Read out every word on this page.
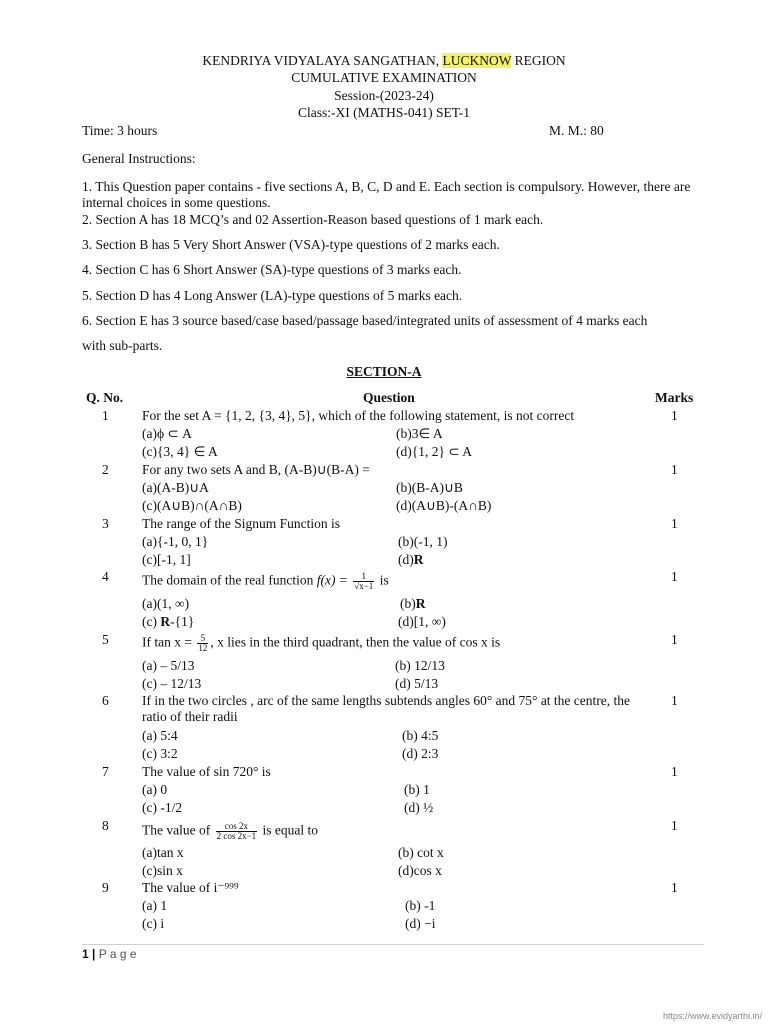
KENDRIYA VIDYALAYA SANGATHAN, LUCKNOW REGION
CUMULATIVE EXAMINATION
Session-(2023-24)
Class:-XI (MATHS-041) SET-1
Time: 3 hours	M. M.: 80
General Instructions:
1. This Question paper contains - five sections A, B, C, D and E. Each section is compulsory. However, there are internal choices in some questions.
2. Section A has 18 MCQ’s and 02 Assertion-Reason based questions of 1 mark each.
3. Section B has 5 Very Short Answer (VSA)-type questions of 2 marks each.
4. Section C has 6 Short Answer (SA)-type questions of 3 marks each.
5. Section D has 4 Long Answer (LA)-type questions of 5 marks each.
6. Section E has 3 source based/case based/passage based/integrated units of assessment of 4 marks each
with sub-parts.
SECTION-A
Q. No.	Question	Marks
1 For the set A = {1, 2, {3, 4}, 5}, which of the following statement, is not correct	1
(a)ϕ ⊂ A	(b)3∈ A
(c){3, 4} ∈ A	(d){1, 2} ⊂ A
2 For any two sets A and B, (A-B)∪(B-A) =	1
(a)(A-B)∪A	(b)(B-A)∪B
(c)(A∪B)∩(A∩B)	(d)(A∪B)-(A∩B)
3 The range of the Signum Function is	1
(a){-1, 0, 1}	(b)(-1, 1)
(c)[-1, 1]	(d)R
4 The domain of the real function $f(x) = \frac{1}{√x-1}$ is	1
(a)(1, ∞)	(b)R
(c) R-{1}	(d)[1, ∞)
5 If $\tan x = \frac{5}{12}$ , x lies in the third quadrant, then the value of cos x is	1
(a) – 5/13	(b) 12/13
(c) – 12/13	(d) 5/13
6 If in the two circles , arc of the same lengths subtends angles 60° and 75° at the centre, the ratio of their radii
1
(a) 5:4	(b) 4:5
(c) 3:2	(d) 2:3
7 The value of sin 720° is	1
(a) 0	(b) 1
(c) -1/2	(d) ½
8 The value of $\frac{\cos 2x}{2 \cos 2x-1}$ is equal to	1
(a)tan x	(b) cot x
(c)sin x	(d)cos x
9 The value of i⁻⁹⁹⁹	1
(a) 1	(b) -1
(c) i	(d) −i
1 | P a g e
https://www.evidyarthi.in/
